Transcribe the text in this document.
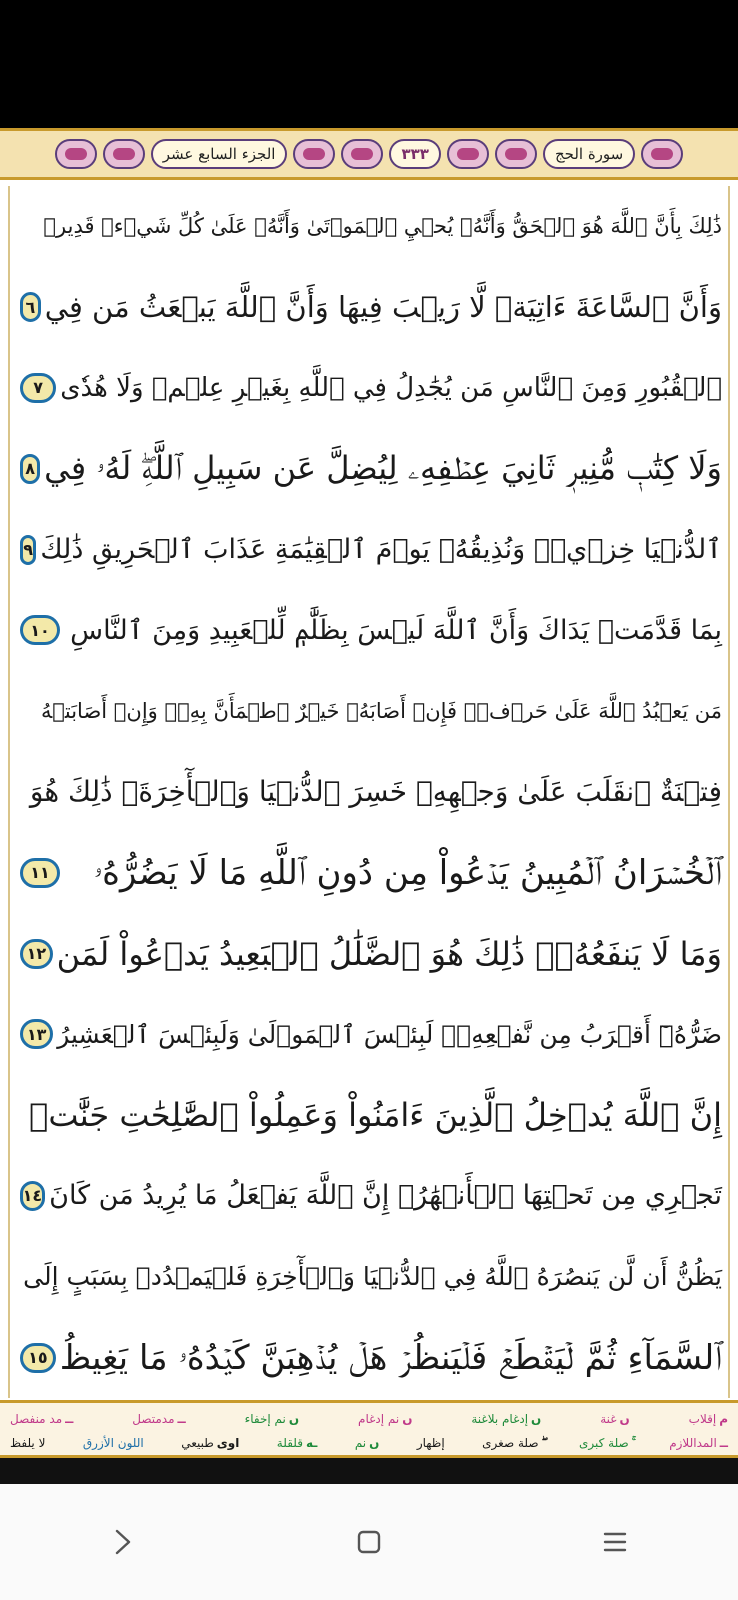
الجزء السابع عشر	٣٣٣	سورة الحج
ذَٰلِكَ بِأَنَّ ٱللَّهَ هُوَ ٱلۡحَقُّ وَأَنَّهُۥ يُحۡيِ ٱلۡمَوۡتَىٰ وَأَنَّهُۥ عَلَىٰ كُلِّ شَيۡءٖ قَدِيرٞ
وَأَنَّ ٱلسَّاعَةَ ءَاتِيَةٞ لَّا رَيۡبَ فِيهَا وَأَنَّ ٱللَّهَ يَبۡعَثُ مَن فِي
٦
ٱلۡقُبُورِ وَمِنَ ٱلنَّاسِ مَن يُجَٰدِلُ فِي ٱللَّهِ بِغَيۡرِ عِلۡمٖ وَلَا هُدٗى
٧
وَلَا كِتَٰبٖ مُّنِيرٖ ثَانِيَ عِطۡفِهِۦ لِيُضِلَّ عَن سَبِيلِ ٱللَّهِۖ لَهُۥ فِي
٨
ٱلدُّنۡيَا خِزۡيٞۖ وَنُذِيقُهُۥ يَوۡمَ ٱلۡقِيَٰمَةِ عَذَابَ ٱلۡحَرِيقِ ذَٰلِكَ
٩
بِمَا قَدَّمَتۡ يَدَاكَ وَأَنَّ ٱللَّهَ لَيۡسَ بِظَلَّٰمٖ لِّلۡعَبِيدِ وَمِنَ ٱلنَّاسِ
١٠
مَن يَعۡبُدُ ٱللَّهَ عَلَىٰ حَرۡفٖۖ فَإِنۡ أَصَابَهُۥ خَيۡرٌ ٱطۡمَأَنَّ بِهِۦۖ وَإِنۡ أَصَابَتۡهُ
فِتۡنَةٌ ٱنقَلَبَ عَلَىٰ وَجۡهِهِۦ خَسِرَ ٱلدُّنۡيَا وَٱلۡأٓخِرَةَۚ ذَٰلِكَ هُوَ
ٱلۡخُسۡرَانُ ٱلۡمُبِينُ يَدۡعُواْ مِن دُونِ ٱللَّهِ مَا لَا يَضُرُّهُۥ
١١
وَمَا لَا يَنفَعُهُۥۚ ذَٰلِكَ هُوَ ٱلضَّلَٰلُ ٱلۡبَعِيدُ يَدۡعُواْ لَمَن
١٢
ضَرُّهُۥٓ أَقۡرَبُ مِن نَّفۡعِهِۦۚ لَبِئۡسَ ٱلۡمَوۡلَىٰ وَلَبِئۡسَ ٱلۡعَشِيرُ
١٣
إِنَّ ٱللَّهَ يُدۡخِلُ ٱلَّذِينَ ءَامَنُواْ وَعَمِلُواْ ٱلصَّٰلِحَٰتِ جَنَّٰتٖ
تَجۡرِي مِن تَحۡتِهَا ٱلۡأَنۡهَٰرُۚ إِنَّ ٱللَّهَ يَفۡعَلُ مَا يُرِيدُ مَن كَانَ
١٤
يَظُنُّ أَن لَّن يَنصُرَهُ ٱللَّهُ فِي ٱلدُّنۡيَا وَٱلۡأٓخِرَةِ فَلۡيَمۡدُدۡ بِسَبَبٍ إِلَى
ٱلسَّمَآءِ ثُمَّ لۡيَقۡطَعۡ فَلۡيَنظُرۡ هَلۡ يُذۡهِبَنَّ كَيۡدُهُۥ مَا يَغِيظُ
١٥
م
إقلاب
ں
غنة
ں
إدغام بلاغنة
ں
نم إدغام
ں
نم إخفاء
ــ
مدمتصل
ــ
مد منفصل
ــ
المداللازم
صلة كبرى
صلة صغرى
إظهار
ں
نم
ـه
قلقلة
اوى
طبيعي
اللون الأزرق
لا يلفظ
